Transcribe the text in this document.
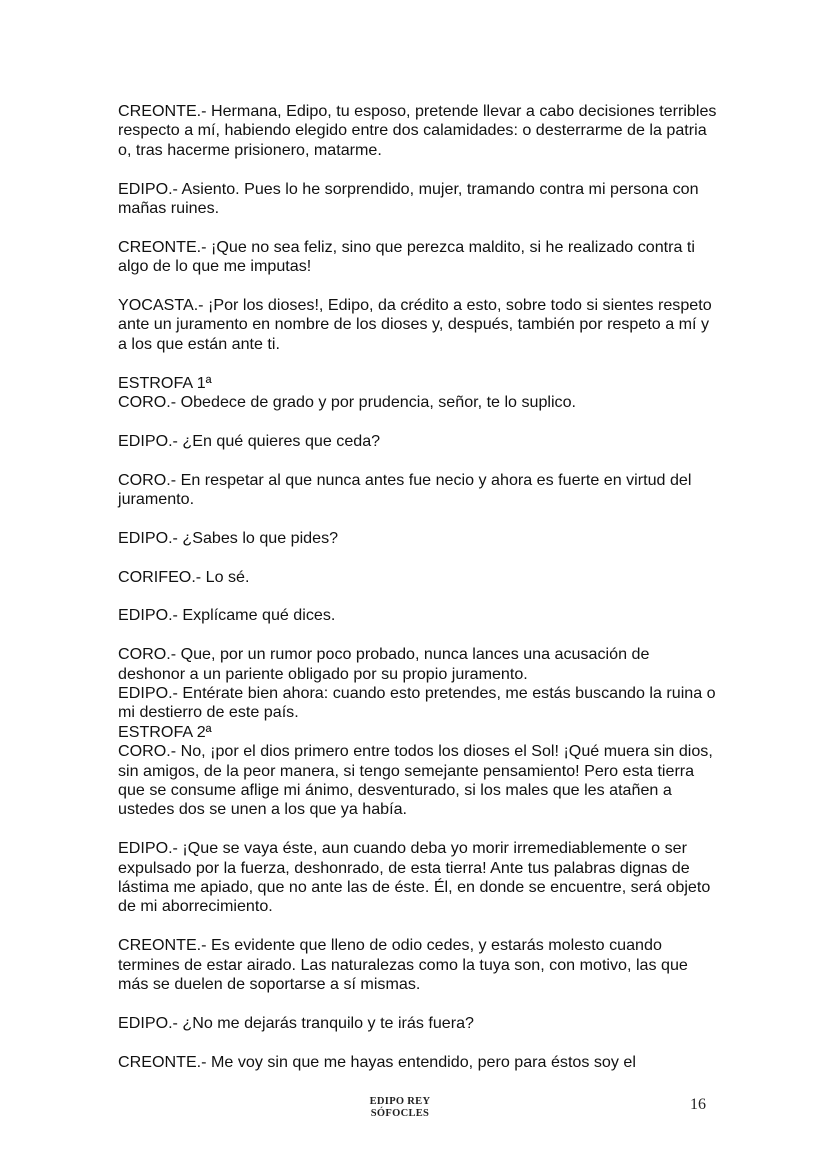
CREONTE.- Hermana, Edipo, tu esposo, pretende llevar a cabo decisiones terribles respecto a mí, habiendo elegido entre dos calamidades: o desterrarme de la patria o, tras hacerme prisionero, matarme.

EDIPO.- Asiento. Pues lo he sorprendido, mujer, tramando contra mi persona con mañas ruines.

CREONTE.- ¡Que no sea feliz, sino que perezca maldito, si he realizado contra ti algo de lo que me imputas!

YOCASTA.- ¡Por los dioses!, Edipo, da crédito a esto, sobre todo si sientes respeto ante un juramento en nombre de los dioses y, después, también por respeto a mí y a los que están ante ti.

ESTROFA 1ª

CORO.- Obedece de grado y por prudencia, señor, te lo suplico.

EDIPO.- ¿En qué quieres que ceda?

CORO.- En respetar al que nunca antes fue necio y ahora es fuerte en virtud del juramento.

EDIPO.- ¿Sabes lo que pides?

CORIFEO.- Lo sé.

EDIPO.- Explícame qué dices.

CORO.- Que, por un rumor poco probado, nunca lances una acusación de deshonor a un pariente obligado por su propio juramento.

EDIPO.- Entérate bien ahora: cuando esto pretendes, me estás buscando la ruina o mi destierro de este país.

ESTROFA 2ª

CORO.- No, ¡por el dios primero entre todos los dioses el Sol! ¡Qué muera sin dios, sin amigos, de la peor manera, si tengo semejante pensamiento! Pero esta tierra que se consume aflige mi ánimo, desventurado, si los males que les atañen a ustedes dos se unen a los que ya había.

EDIPO.- ¡Que se vaya éste, aun cuando deba yo morir irremediablemente o ser expulsado por la fuerza, deshonrado, de esta tierra! Ante tus palabras dignas de lástima me apiado, que no ante las de éste. Él, en donde se encuentre, será objeto de mi aborrecimiento.

CREONTE.- Es evidente que lleno de odio cedes, y estarás molesto cuando termines de estar airado. Las naturalezas como la tuya son, con motivo, las que más se duelen de soportarse a sí mismas.

EDIPO.- ¿No me dejarás tranquilo y te irás fuera?

CREONTE.- Me voy sin que me hayas entendido, pero para éstos soy el

EDIPO REY
SÓFOCLES
16
